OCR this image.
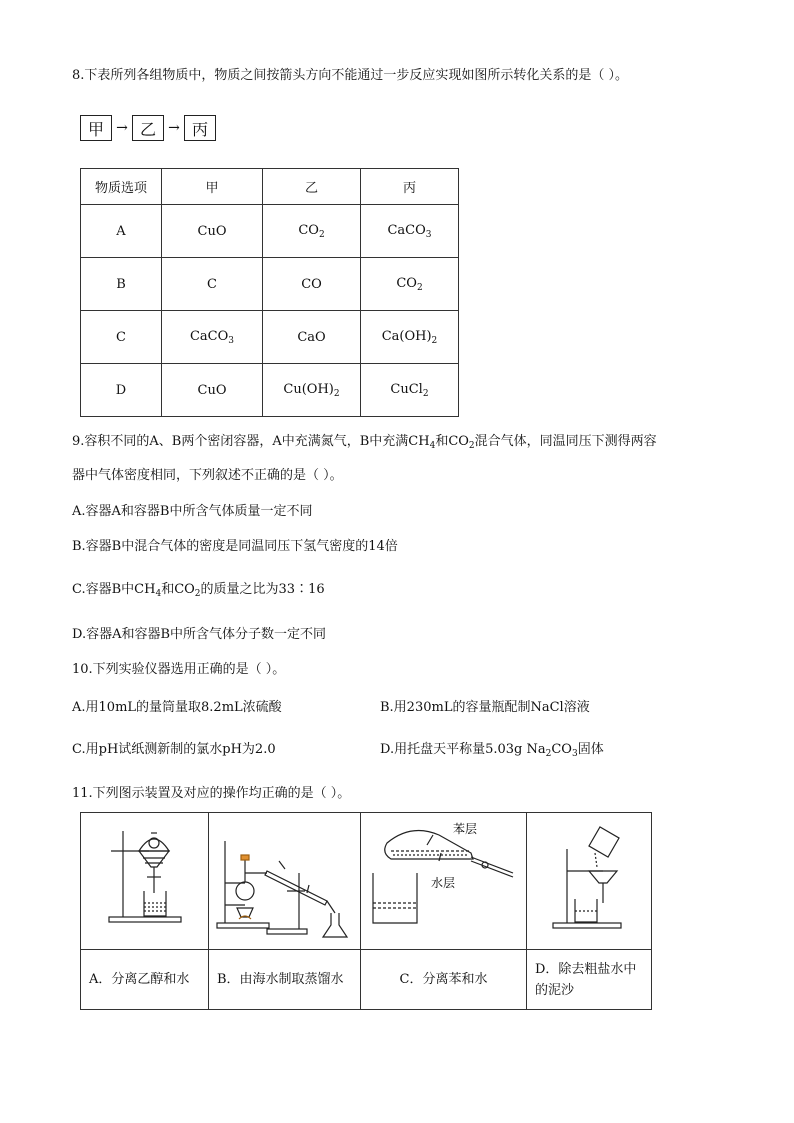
8.下表所列各组物质中，物质之间按箭头方向不能通过一步反应实现如图所示转化关系的是（ ）。
甲 → 乙 → 丙
物质选项	甲	乙	丙
A	CuO	$CO_2$	CaCO$_3$
B	C	CO	$CO_2$
C	CaCO$_3$	CaO	$Ca(OH)_2$
D	CuO	$Cu(OH)_2$	CuCl$_2$
9.容积不同的A、B两个密闭容器，A中充满氮气，B中充满$CH_4$和$CO_2$混合气体，同温同压下测得两容
器中气体密度相同，下列叙述不正确的是（ ）。
A.容器A和容器B中所含气体质量一定不同
B.容器B中混合气体的密度是同温同压下氢气密度的14倍
C.容器B中$CH_4$和$CO_2$的质量之比为33∶16
D.容器A和容器B中所含气体分子数一定不同
10.下列实验仪器选用正确的是（ ）。
A.用10mL的量筒量取8.2mL浓硫酸	B.用230mL的容量瓶配制NaCl溶液
C.用pH试纸测新制的氯水pH为2.0	D.用托盘天平称量5.03g $Na_2CO_3$固体
11.下列图示装置及对应的操作均正确的是（ ）。

苯层
水层

A．分离乙醇和水	B．由海水制取蒸馏水	C．分离苯和水	D．除去粗盐水中的泥沙
